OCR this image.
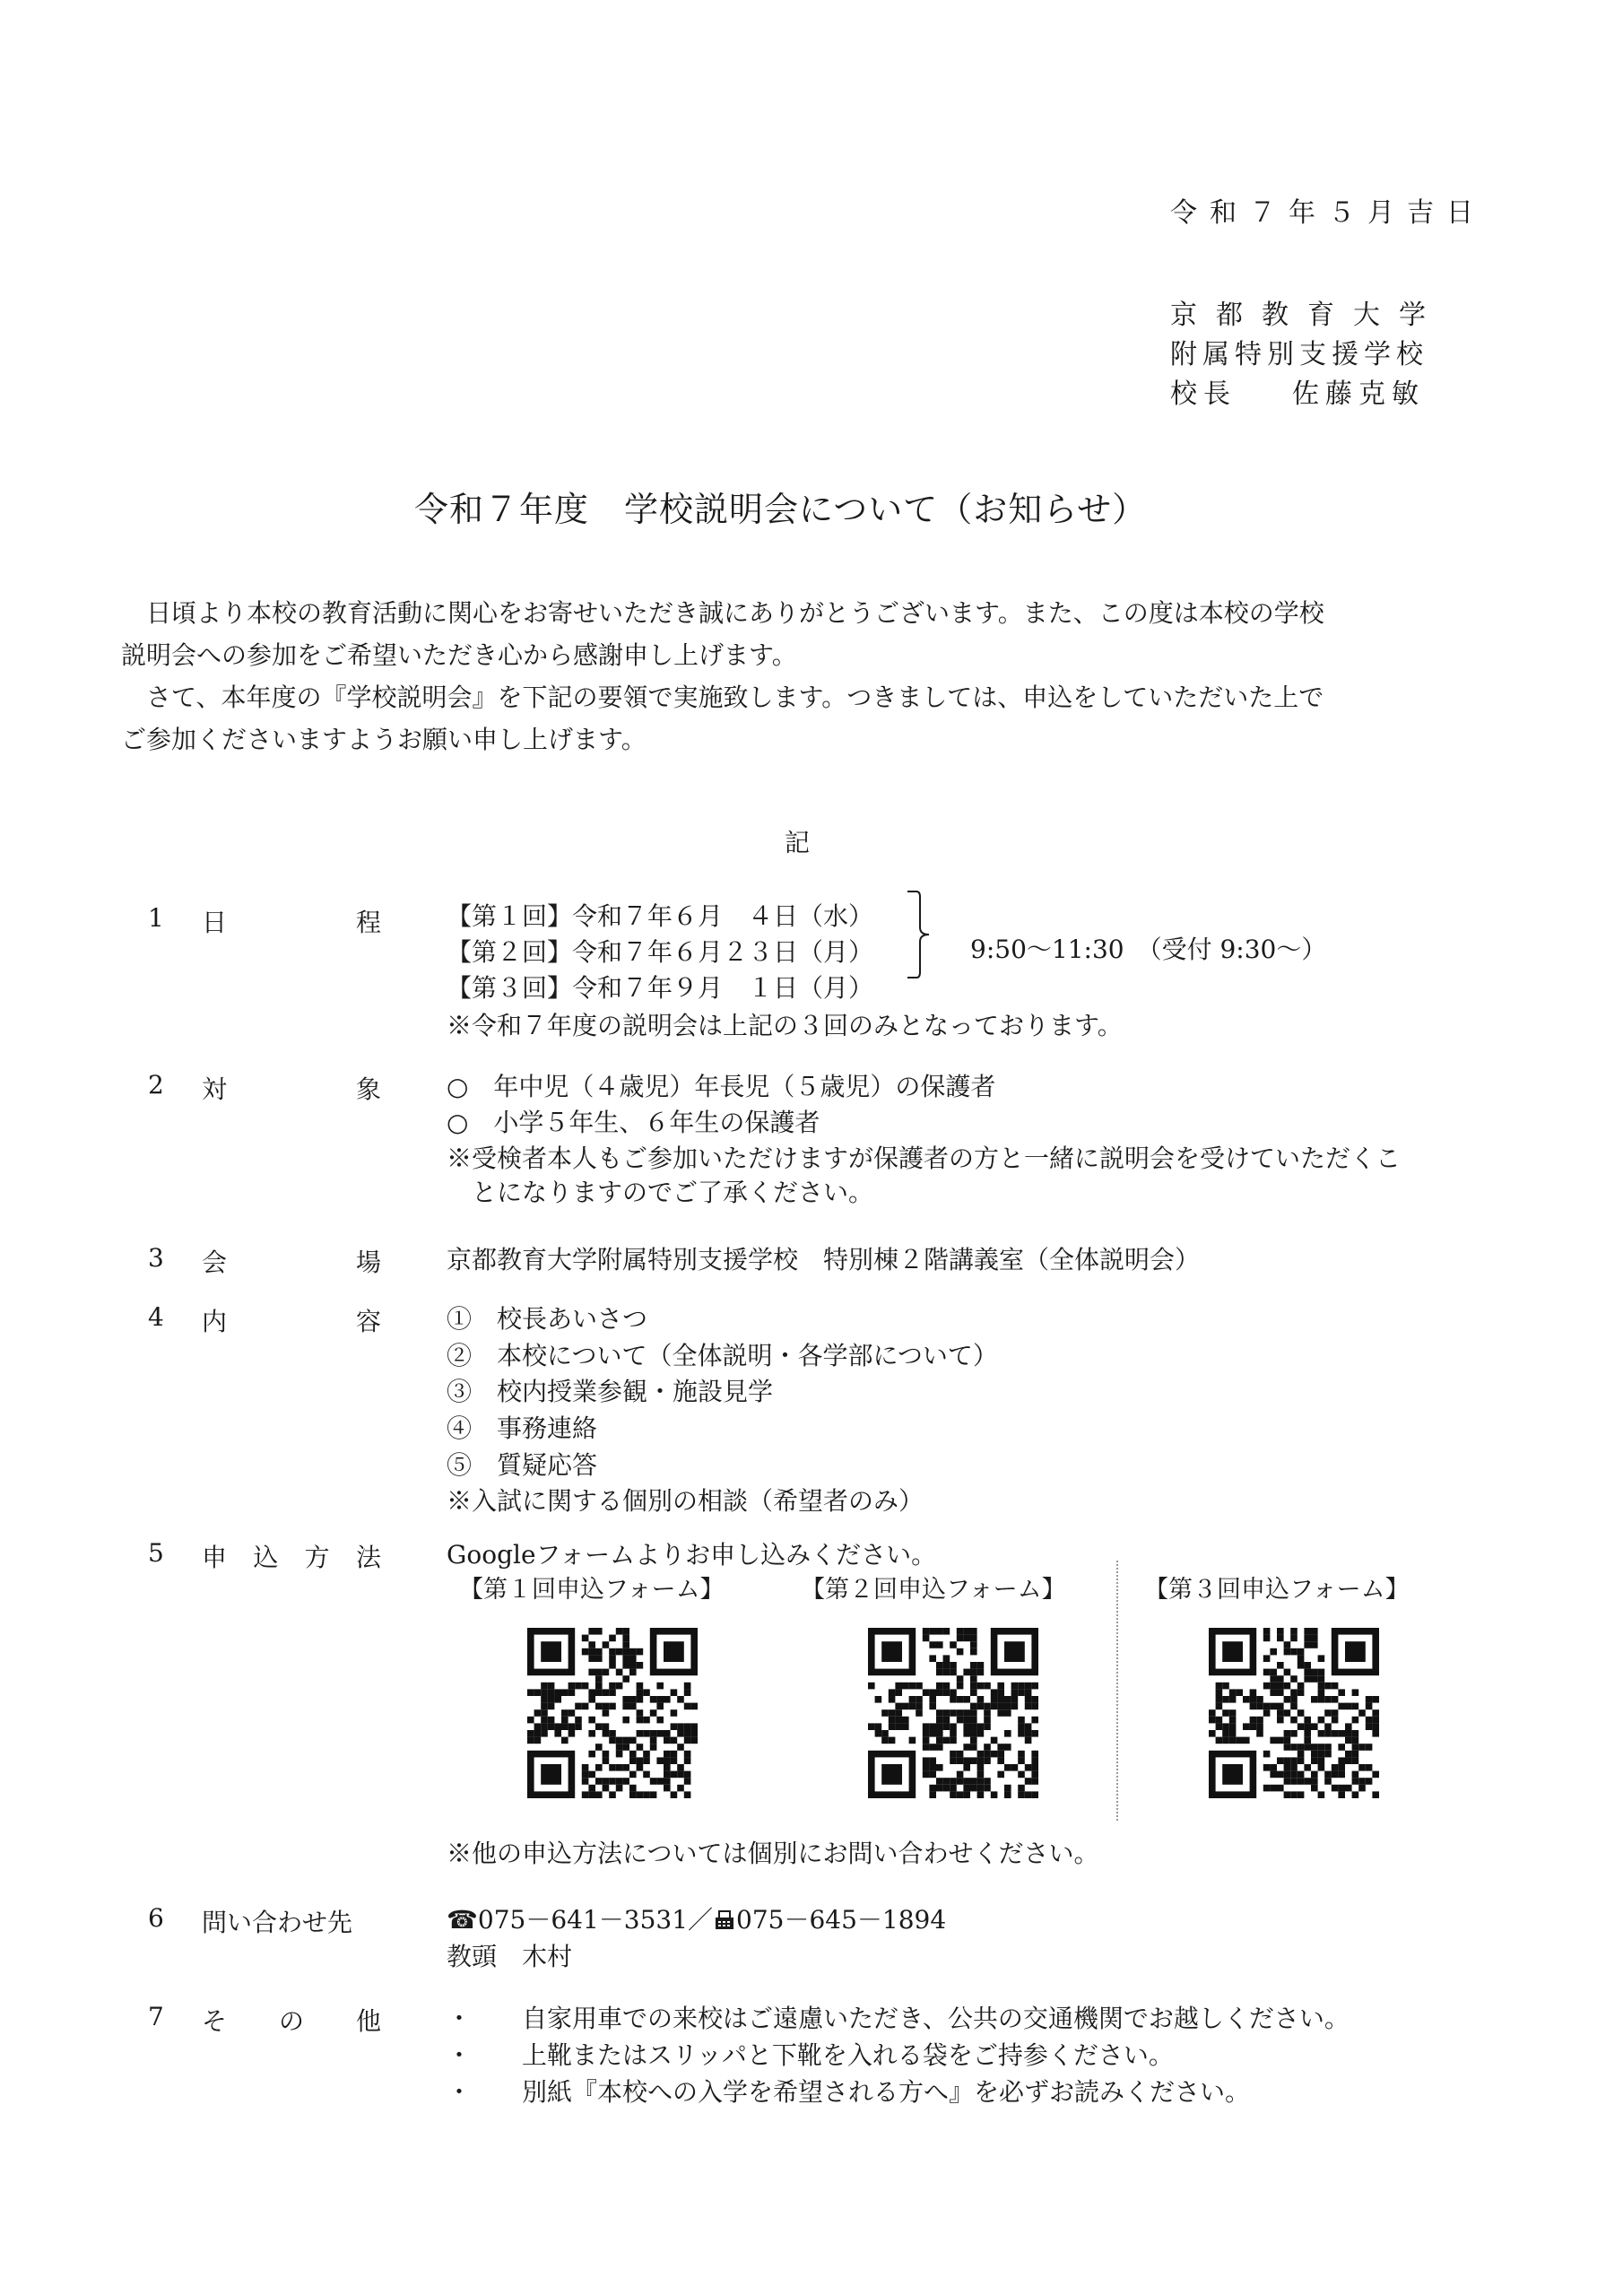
令和７年５月吉日
京都教育大学
附属特別支援学校
校長 佐藤克敏
令和７年度　学校説明会について（お知らせ）

日頃より本校の教育活動に関心をお寄せいただき誠にありがとうございます。また、この度は本校の学校

説明会への参加をご希望いただき心から感謝申し上げます。

さて、本年度の『学校説明会』を下記の要領で実施致します。つきましては、申込をしていただいた上で

ご参加くださいますようお願い申し上げます。

記
1 日	程	【第１回】令和７年６月　４日（水）
【第２回】令和７年６月２３日（月）
【第３回】令和７年９月　１日（月）
9:50～11:30　（受付 9:30～）
※令和７年度の説明会は上記の３回のみとなっております。
2 対	象	○　年中児（４歳児）年長児（５歳児）の保護者
○　小学５年生、６年生の保護者
※受検者本人もご参加いただけますが保護者の方と一緒に説明会を受けていただくこ
とになりますのでご了承ください。
3 会	場	京都教育大学附属特別支援学校　特別棟２階講義室（全体説明会）
4 内	容	①　校長あいさつ
②　本校について（全体説明・各学部について）
③　校内授業参観・施設見学
④　事務連絡
⑤　質疑応答
※入試に関する個別の相談（希望者のみ）
5 申 込 方 法	Googleフォームよりお申し込みください。
【第１回申込フォーム】	【第２回申込フォーム】	【第３回申込フォーム】
※他の申込方法については個別にお問い合わせください。
6 問い合わせ先	☎075－641－3531／ 075－645－1894
教頭　木村
7 そ の 他	・　　自家用車での来校はご遠慮いただき、公共の交通機関でお越しください。
・　　上靴またはスリッパと下靴を入れる袋をご持参ください。
・　　別紙『本校への入学を希望される方へ』を必ずお読みください。
